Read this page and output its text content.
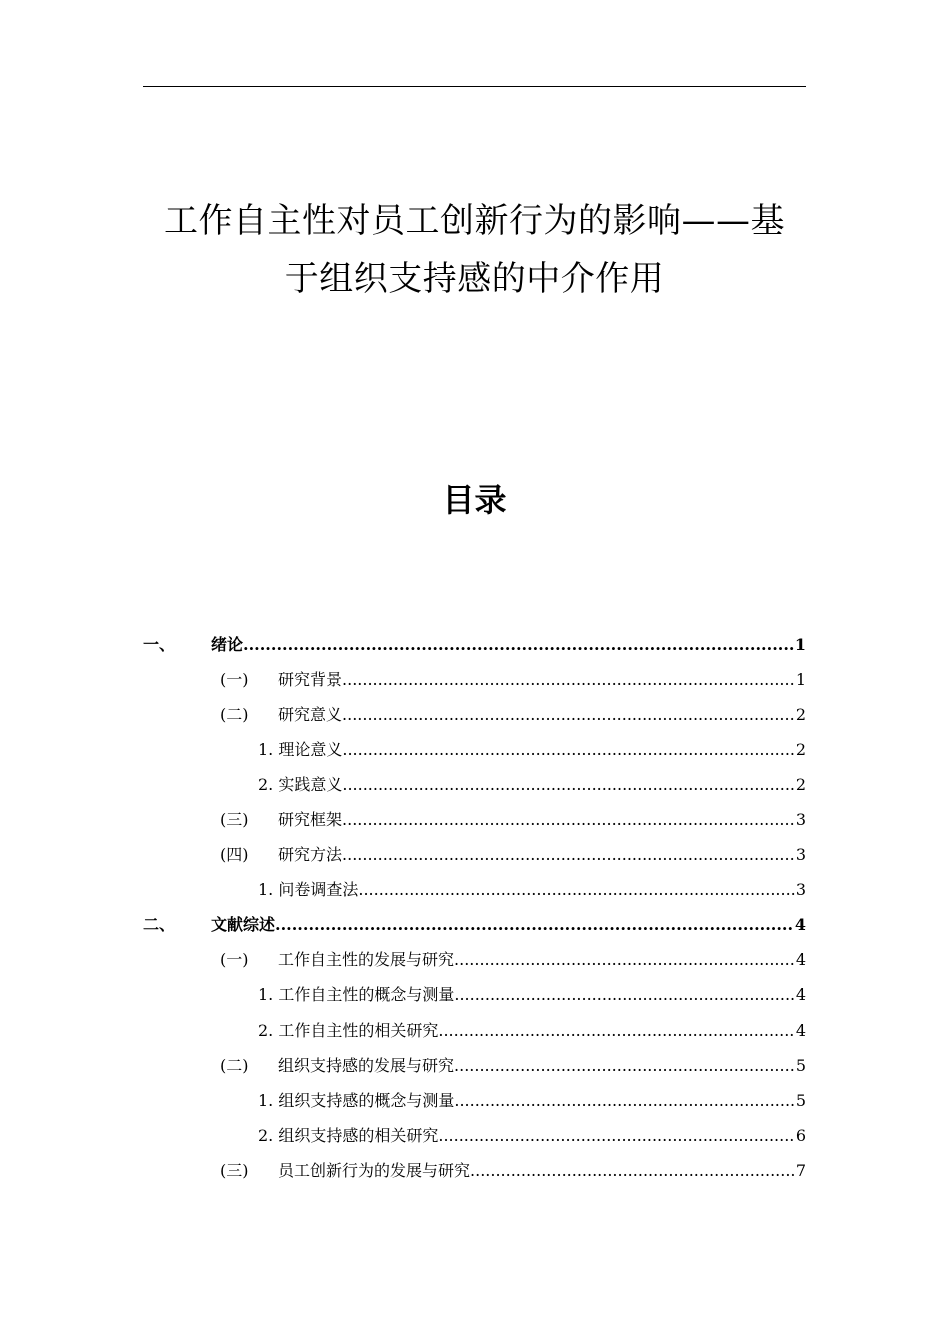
工作自主性对员工创新行为的影响——基
于组织支持感的中介作用
目录
一、 绪论 .....	1
(一) 研究背景 .....	1
(二) 研究意义 .....	2
1. 理论意义 .....	2
2. 实践意义 .....	2
(三) 研究框架 .....	3
(四) 研究方法 .....	3
1. 问卷调查法 .....	3
二、 文献综述 .....	4
(一) 工作自主性的发展与研究 .....	4
1. 工作自主性的概念与测量 .....	4
2. 工作自主性的相关研究 .....	4
(二) 组织支持感的发展与研究 .....	5
1. 组织支持感的概念与测量 .....	5
2. 组织支持感的相关研究 .....	6
(三) 员工创新行为的发展与研究 .....	7
